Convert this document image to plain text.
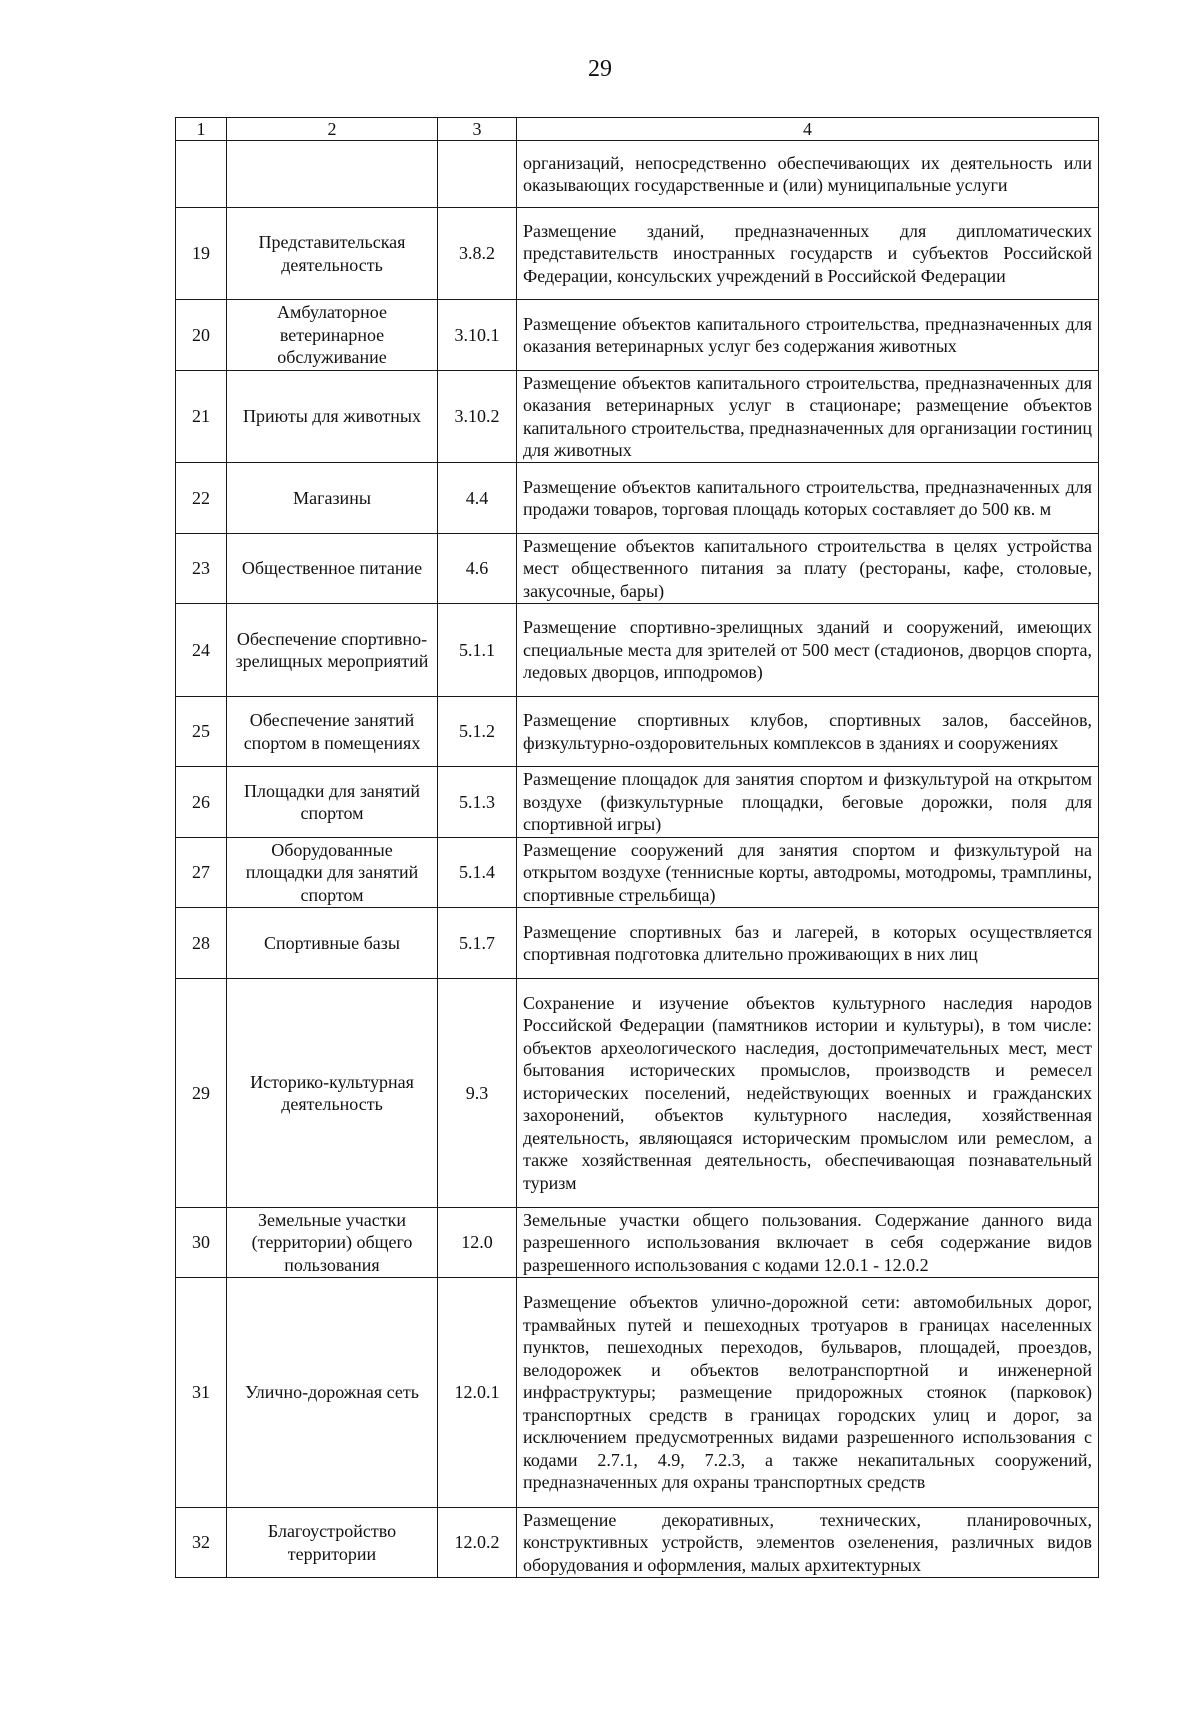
29
1	2	3	4
			организаций, непосредственно обеспечивающих их деятельность или оказывающих государственные и (или) муниципальные услуги
19	Представительская деятельность	3.8.2	Размещение зданий, предназначенных для дипломатических представительств иностранных государств и субъектов Российской Федерации, консульских учреждений в Российской Федерации
20	Амбулаторное ветеринарное обслуживание	3.10.1	Размещение объектов капитального строительства, предназначенных для оказания ветеринарных услуг без содержания животных
21	Приюты для животных	3.10.2	Размещение объектов капитального строительства, предназначенных для оказания ветеринарных услуг в стационаре; размещение объектов капитального строительства, предназначенных для организации гостиниц для животных
22	Магазины	4.4	Размещение объектов капитального строительства, предназначенных для продажи товаров, торговая площадь которых составляет до 500 кв. м
23	Общественное питание	4.6	Размещение объектов капитального строительства в целях устройства мест общественного питания за плату (рестораны, кафе, столовые, закусочные, бары)
24	Обеспечение спортивно-зрелищных мероприятий	5.1.1	Размещение спортивно-зрелищных зданий и сооружений, имеющих специальные места для зрителей от 500 мест (стадионов, дворцов спорта, ледовых дворцов, ипподромов)
25	Обеспечение занятий спортом в помещениях	5.1.2	Размещение спортивных клубов, спортивных залов, бассейнов, физкультурно-оздоровительных комплексов в зданиях и сооружениях
26	Площадки для занятий спортом	5.1.3	Размещение площадок для занятия спортом и физкультурой на открытом воздухе (физкультурные площадки, беговые дорожки, поля для спортивной игры)
27	Оборудованные площадки для занятий спортом	5.1.4	Размещение сооружений для занятия спортом и физкультурой на открытом воздухе (теннисные корты, автодромы, мотодромы, трамплины, спортивные стрельбища)
28	Спортивные базы	5.1.7	Размещение спортивных баз и лагерей, в которых осуществляется спортивная подготовка длительно проживающих в них лиц
29	Историко-культурная деятельность	9.3	Сохранение и изучение объектов культурного наследия народов Российской Федерации (памятников истории и культуры), в том числе: объектов археологического наследия, достопримечательных мест, мест бытования исторических промыслов, производств и ремесел исторических поселений, недействующих военных и гражданских захоронений, объектов культурного наследия, хозяйственная деятельность, являющаяся историческим промыслом или ремеслом, а также хозяйственная деятельность, обеспечивающая познавательный туризм
30	Земельные участки (территории) общего пользования	12.0	Земельные участки общего пользования. Содержание данного вида разрешенного использования включает в себя содержание видов разрешенного использования с кодами 12.0.1 - 12.0.2
31	Улично-дорожная сеть	12.0.1	Размещение объектов улично-дорожной сети: автомобильных дорог, трамвайных путей и пешеходных тротуаров в границах населенных пунктов, пешеходных переходов, бульваров, площадей, проездов, велодорожек и объектов велотранспортной и инженерной инфраструктуры; размещение придорожных стоянок (парковок) транспортных средств в границах городских улиц и дорог, за исключением предусмотренных видами разрешенного использования с кодами 2.7.1, 4.9, 7.2.3, а также некапитальных сооружений, предназначенных для охраны транспортных средств
32	Благоустройство территории	12.0.2	Размещение декоративных, технических, планировочных, конструктивных устройств, элементов озеленения, различных видов оборудования и оформления, малых архитектурных
